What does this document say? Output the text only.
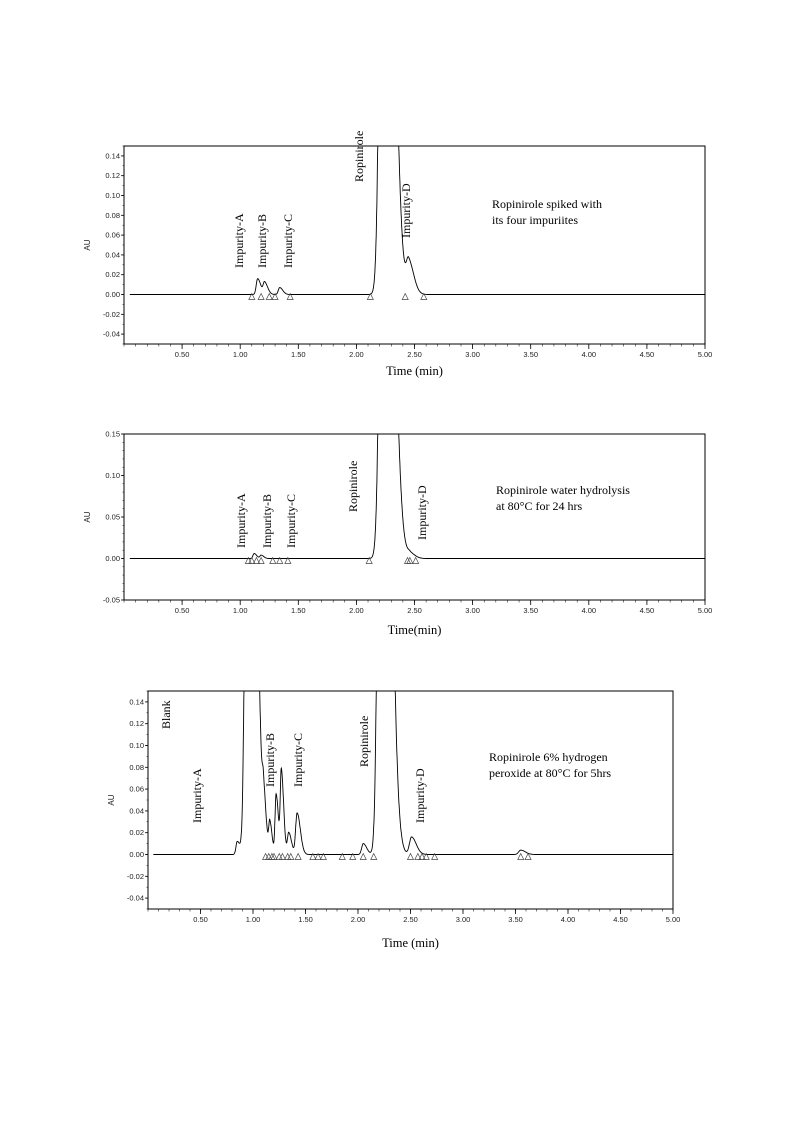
0.14
0.12
0.10
0.08
0.06
0.04
0.02
0.00
-0.02
-0.04
0.50	1.00	1.50	2.00	2.50	3.00	3.50	4.00	4.50	5.00
AU
Time (min)
Impurity-A Impurity-B Impurity-C
Ropinirole
Impurity-D	Ropinirole spiked with
its four impuriites
0.15
0.10
0.05
0.00
-0.05
0.50	1.00	1.50	2.00	2.50	3.00	3.50	4.00	4.50	5.00
AU
Time(min)
Impurity-A Impurity-B Impurity-C
Ropinirole	Impurity-D	Ropinirole water hydrolysis
at 80°C for 24 hrs
0.14
0.12
0.10
0.08
0.06
0.04
0.02
0.00
-0.02
-0.04
0.50	1.00	1.50	2.00	2.50	3.00	3.50	4.00	4.50	5.00
AU
Time (min)
Blank
Impurity-A
Impurity-B Impurity-C	Ropinirole
Impurity-D
Ropinirole 6% hydrogen
peroxide at 80°C for 5hrs
